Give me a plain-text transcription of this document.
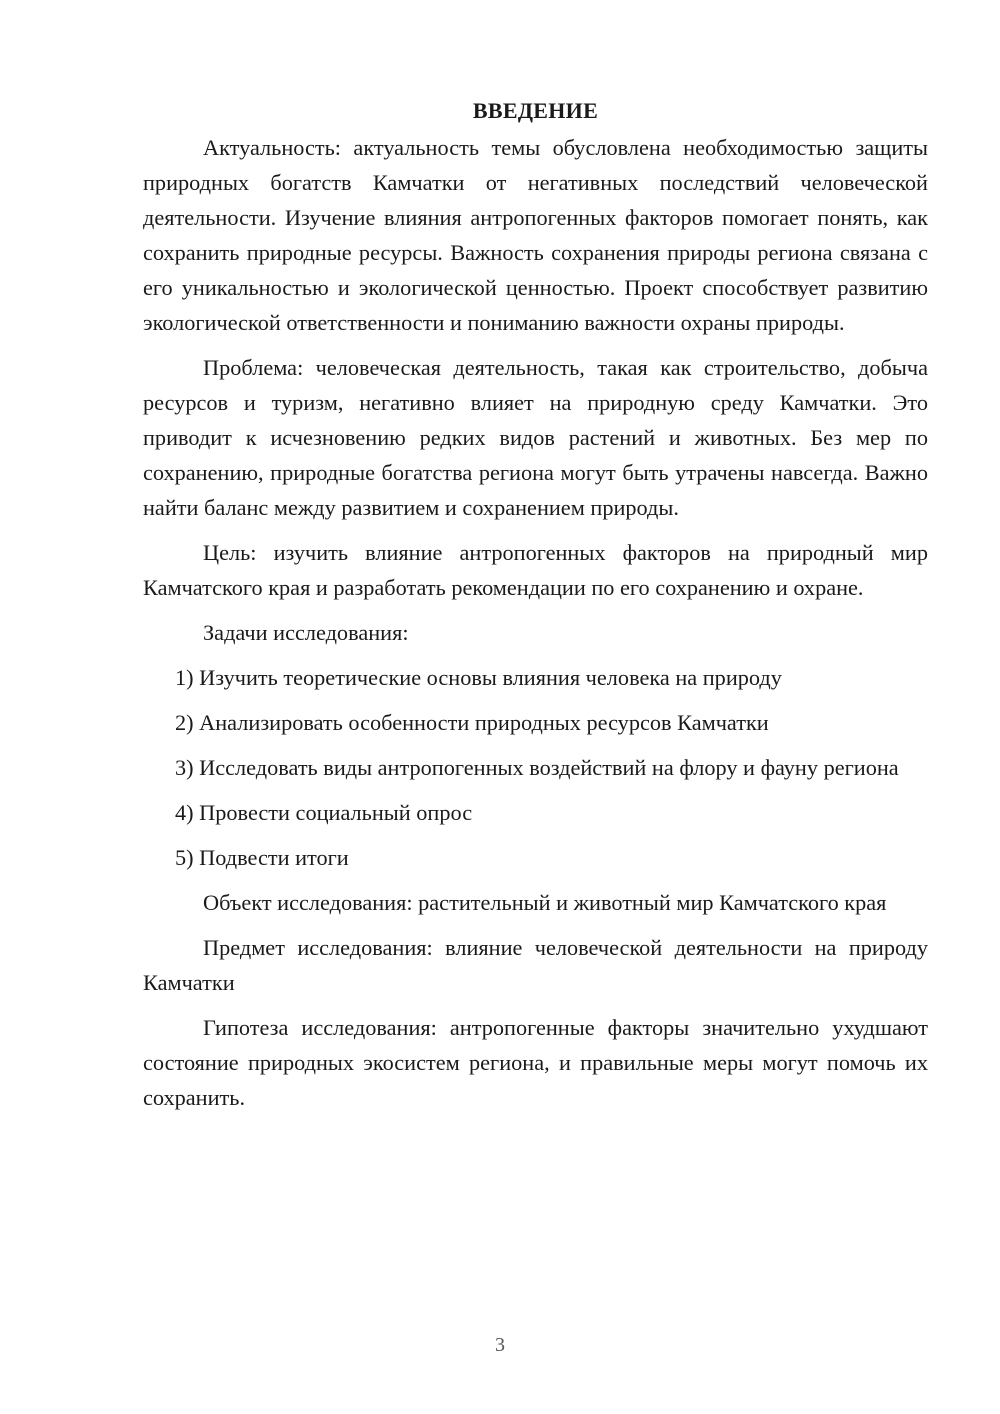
ВВЕДЕНИЕ

Актуальность: актуальность темы обусловлена необходимостью защиты природных богатств Камчатки от негативных последствий человеческой деятельности. Изучение влияния антропогенных факторов помогает понять, как сохранить природные ресурсы. Важность сохранения природы региона связана с его уникальностью и экологической ценностью. Проект способствует развитию экологической ответственности и пониманию важности охраны природы.

Проблема: человеческая деятельность, такая как строительство, добыча ресурсов и туризм, негативно влияет на природную среду Камчатки. Это приводит к исчезновению редких видов растений и животных. Без мер по сохранению, природные богатства региона могут быть утрачены навсегда. Важно найти баланс между развитием и сохранением природы.

Цель: изучить влияние антропогенных факторов на природный мир Камчатского края и разработать рекомендации по его сохранению и охране.

Задачи исследования:

1) Изучить теоретические основы влияния человека на природу

2) Анализировать особенности природных ресурсов Камчатки

3) Исследовать виды антропогенных воздействий на флору и фауну региона

4) Провести социальный опрос

5) Подвести итоги

Объект исследования: растительный и животный мир Камчатского края

Предмет исследования: влияние человеческой деятельности на природу Камчатки

Гипотеза исследования: антропогенные факторы значительно ухудшают состояние природных экосистем региона, и правильные меры могут помочь их сохранить.

3
